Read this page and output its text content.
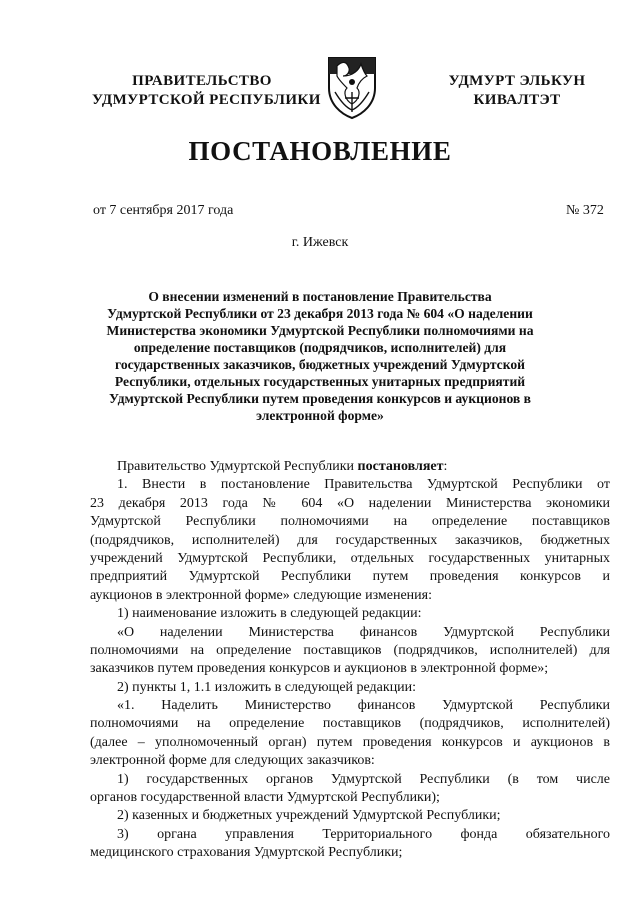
ПРАВИТЕЛЬСТВО
УДМУРТСКОЙ РЕСПУБЛИКИ
УДМУРТ ЭЛЬКУН
КИВАЛТЭТ
ПОСТАНОВЛЕНИЕ
от 7 сентября 2017 года	№ 372
г. Ижевск
О внесении изменений в постановление Правительства
Удмуртской Республики от 23 декабря 2013 года № 604 «О наделении
Министерства экономики Удмуртской Республики полномочиями на
определение поставщиков (подрядчиков, исполнителей) для
государственных заказчиков, бюджетных учреждений Удмуртской
Республики, отдельных государственных унитарных предприятий
Удмуртской Республики путем проведения конкурсов и аукционов в
электронной форме»
Правительство Удмуртской Республики постановляет:
1. Внести в постановление Правительства Удмуртской Республики от
23 декабря 2013 года № 604 «О наделении Министерства экономики
Удмуртской Республики полномочиями на определение поставщиков
(подрядчиков, исполнителей) для государственных заказчиков, бюджетных
учреждений Удмуртской Республики, отдельных государственных унитарных
предприятий Удмуртской Республики путем проведения конкурсов и
аукционов в электронной форме» следующие изменения:
1) наименование изложить в следующей редакции:
«О наделении Министерства финансов Удмуртской Республики
полномочиями на определение поставщиков (подрядчиков, исполнителей) для
заказчиков путем проведения конкурсов и аукционов в электронной форме»;
2) пункты 1, 1.1 изложить в следующей редакции:
«1. Наделить Министерство финансов Удмуртской Республики
полномочиями на определение поставщиков (подрядчиков, исполнителей)
(далее – уполномоченный орган) путем проведения конкурсов и аукционов в
электронной форме для следующих заказчиков:
1) государственных органов Удмуртской Республики (в том числе
органов государственной власти Удмуртской Республики);
2) казенных и бюджетных учреждений Удмуртской Республики;
3) органа управления Территориального фонда обязательного
медицинского страхования Удмуртской Республики;
